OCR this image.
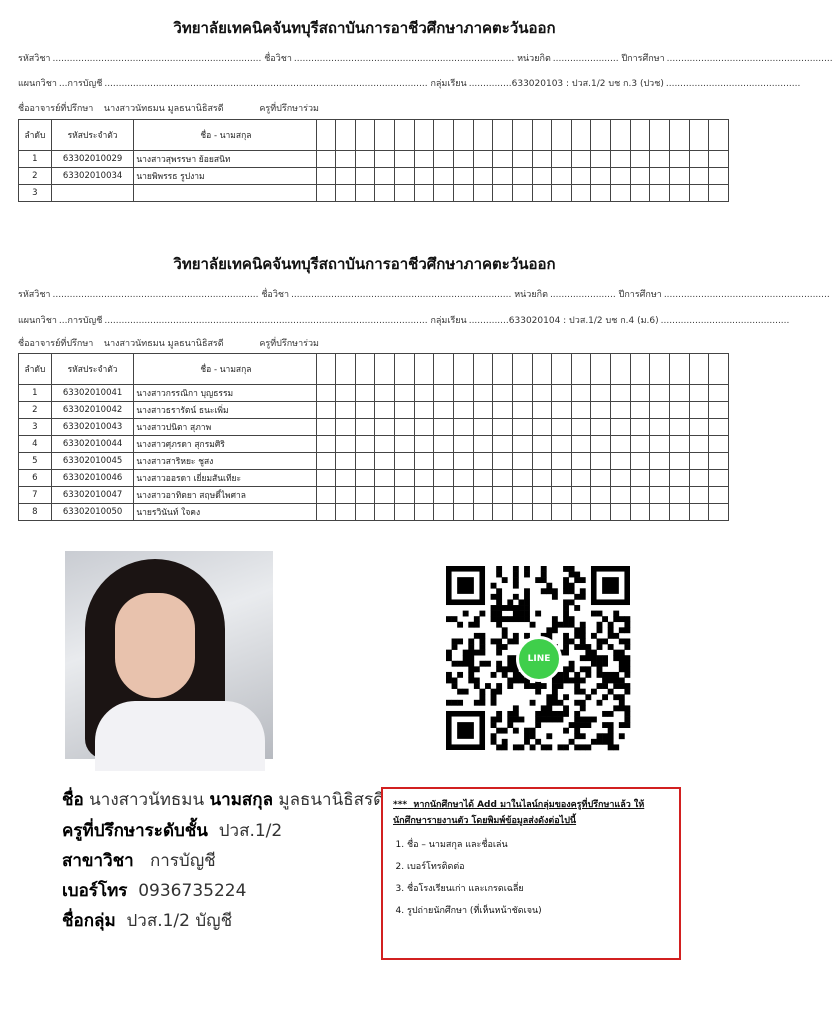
วิทยาลัยเทคนิคจันทบุรีสถาบันการอาชีวศึกษาภาคตะวันออก
รหัสวิชา ......................................................................... ชื่อวิชา ............................................................................. หน่วยกิต ....................... ปีการศึกษา ..........................................................
แผนกวิชา ...การบัญชี ................................................................................................................. กลุ่มเรียน ...............633020103 : ปวส.1/2 บช ก.3 (ปวช) ...............................................
ชื่ออาจารย์ที่ปรึกษา นางสาวนัทธมน มูลธนานิธิสรดี	ครูที่ปรึกษาร่วม
ลำดับ	รหัสประจำตัว	ชื่อ - นามสกุล																					
1	63302010029	นางสาวสุพรรษา ย้อยสนิท																					
2	63302010034	นายพิพรรธ รูปงาม																					
3																							
วิทยาลัยเทคนิคจันทบุรีสถาบันการอาชีวศึกษาภาคตะวันออก
รหัสวิชา ........................................................................ ชื่อวิชา ............................................................................. หน่วยกิต ....................... ปีการศึกษา ..........................................................
แผนกวิชา ...การบัญชี ................................................................................................................. กลุ่มเรียน ..............633020104 : ปวส.1/2 บช ก.4 (ม.6) .............................................
ชื่ออาจารย์ที่ปรึกษา นางสาวนัทธมน มูลธนานิธิสรดี	ครูที่ปรึกษาร่วม
ลำดับ	รหัสประจำตัว	ชื่อ - นามสกุล																					
1	63302010041	นางสาวกรรณิกา บุญธรรม																					
2	63302010042	นางสาวธรารัตน์ ธนะเพิ่ม																					
3	63302010043	นางสาวปนิตา สุภาพ																					
4	63302010044	นางสาวศุภรดา สุกรมศิริ																					
5	63302010045	นางสาวสาริหยะ ชูสง																					
6	63302010046	นางสาวออรดา เยี่ยมสันเทียะ																					
7	63302010047	นางสาวอาทิตยา สฤษดิ์ไพศาล																					
8	63302010050	นายรวินันท์ ใจคง																					
LINE
ชื่อ นางสาวนัทธมน นามสกุล มูลธนานิธิสรดี
ครูที่ปรึกษาระดับชั้น ปวส.1/2
สาขาวิชา การบัญชี
เบอร์โทร 0936735224
ชื่อกลุ่ม ปวส.1/2 บัญชี
*** หากนักศึกษาได้ Add มาในไลน์กลุ่มของครูที่ปรึกษาแล้ว ให้นักศึกษารายงานตัว โดยพิมพ์ข้อมูลส่งดังต่อไปนี้
1. ชื่อ – นามสกุล และชื่อเล่น
2. เบอร์โทรติดต่อ
3. ชื่อโรงเรียนเก่า และเกรดเฉลี่ย
4. รูปถ่ายนักศึกษา (ที่เห็นหน้าชัดเจน)
